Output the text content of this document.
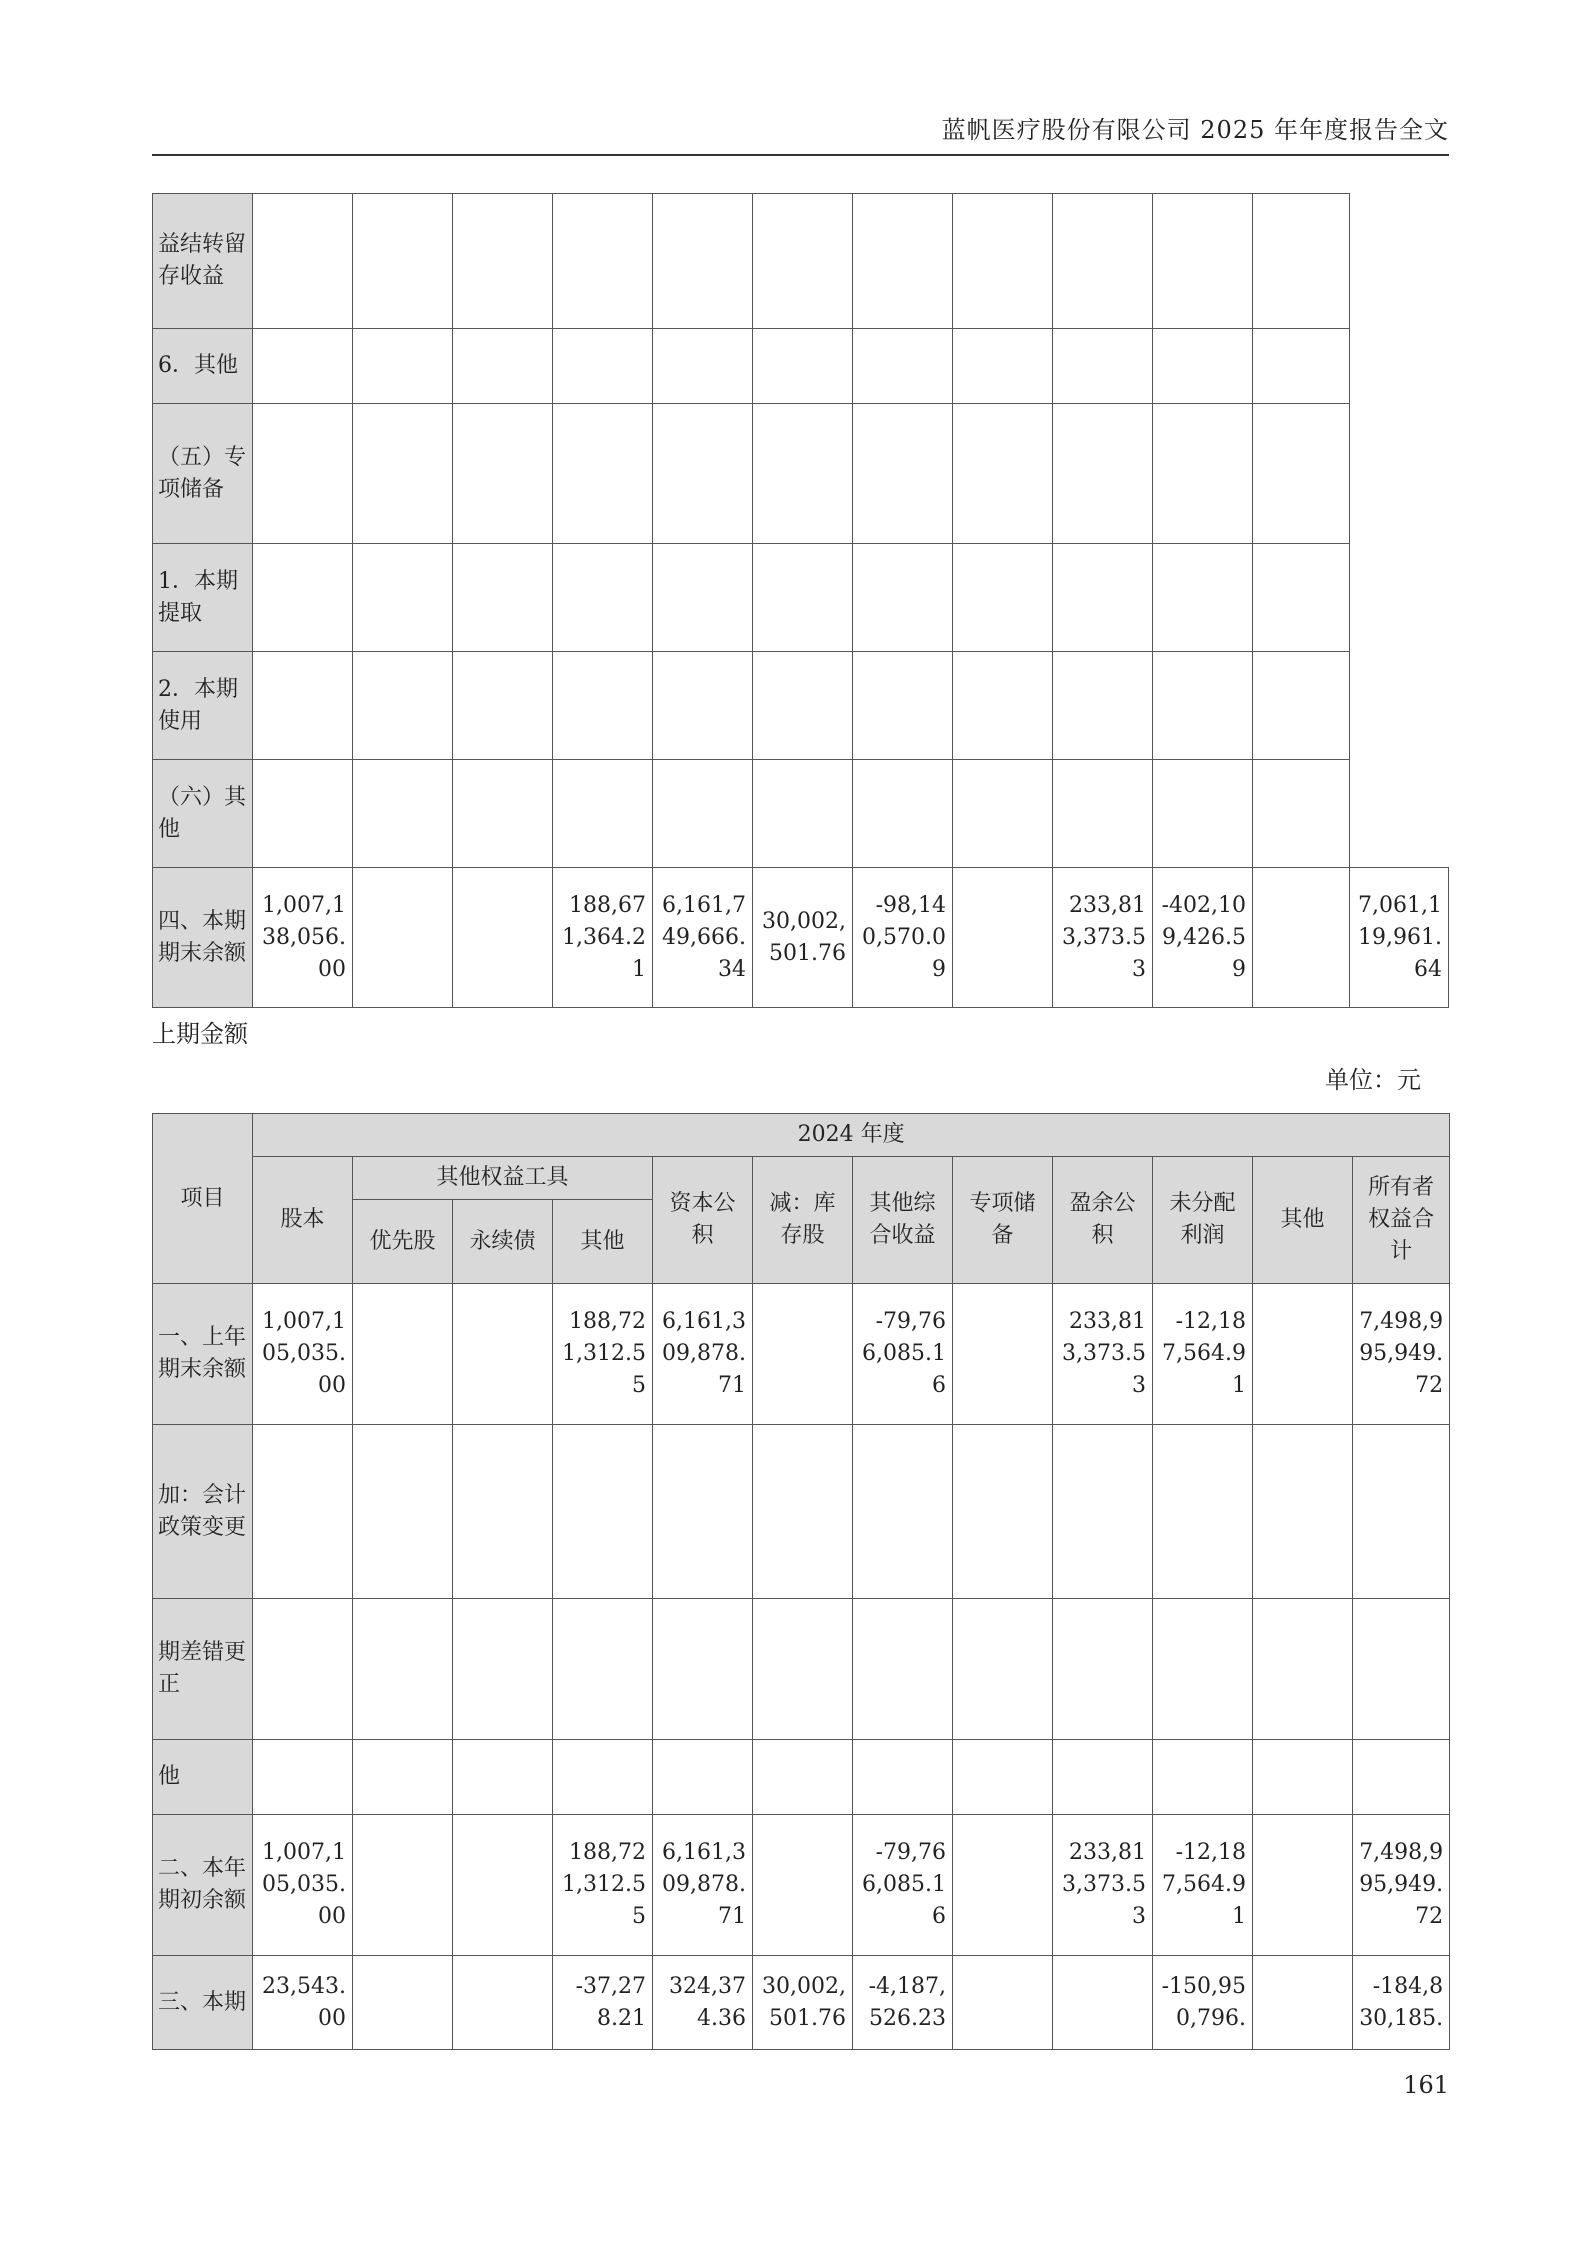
蓝帆医疗股份有限公司 2025 年年度报告全文
益结转留存收益												
6．其他												
（五）专项储备												
1．本期提取												
2．本期使用												
（六）其他												
四、本期期末余额	1,007,138,056.00			188,671,364.21	6,161,749,666.34	30,002,501.76	-98,140,570.09		233,813,373.53	-402,109,426.59		7,061,119,961.64
上期金额
单位：元
项目	2024 年度											
	股本	其他权益工具			资本公积	减：库存股	其他综合收益	专项储备	盈余公积	未分配利润	其他	所有者权益合计
		优先股	永续债	其他								
一、上年期末余额	1,007,105,035.00			188,721,312.55	6,161,309,878.71		-79,766,085.16		233,813,373.53	-12,187,564.91		7,498,995,949.72
加：会计政策变更												
期差错更正												
他												
二、本年期初余额	1,007,105,035.00			188,721,312.55	6,161,309,878.71		-79,766,085.16		233,813,373.53	-12,187,564.91		7,498,995,949.72
三、本期	23,543.00			-37,278.21	324,374.36	30,002,501.76	-4,187,526.23			-150,950,796.		-184,830,185.
161
